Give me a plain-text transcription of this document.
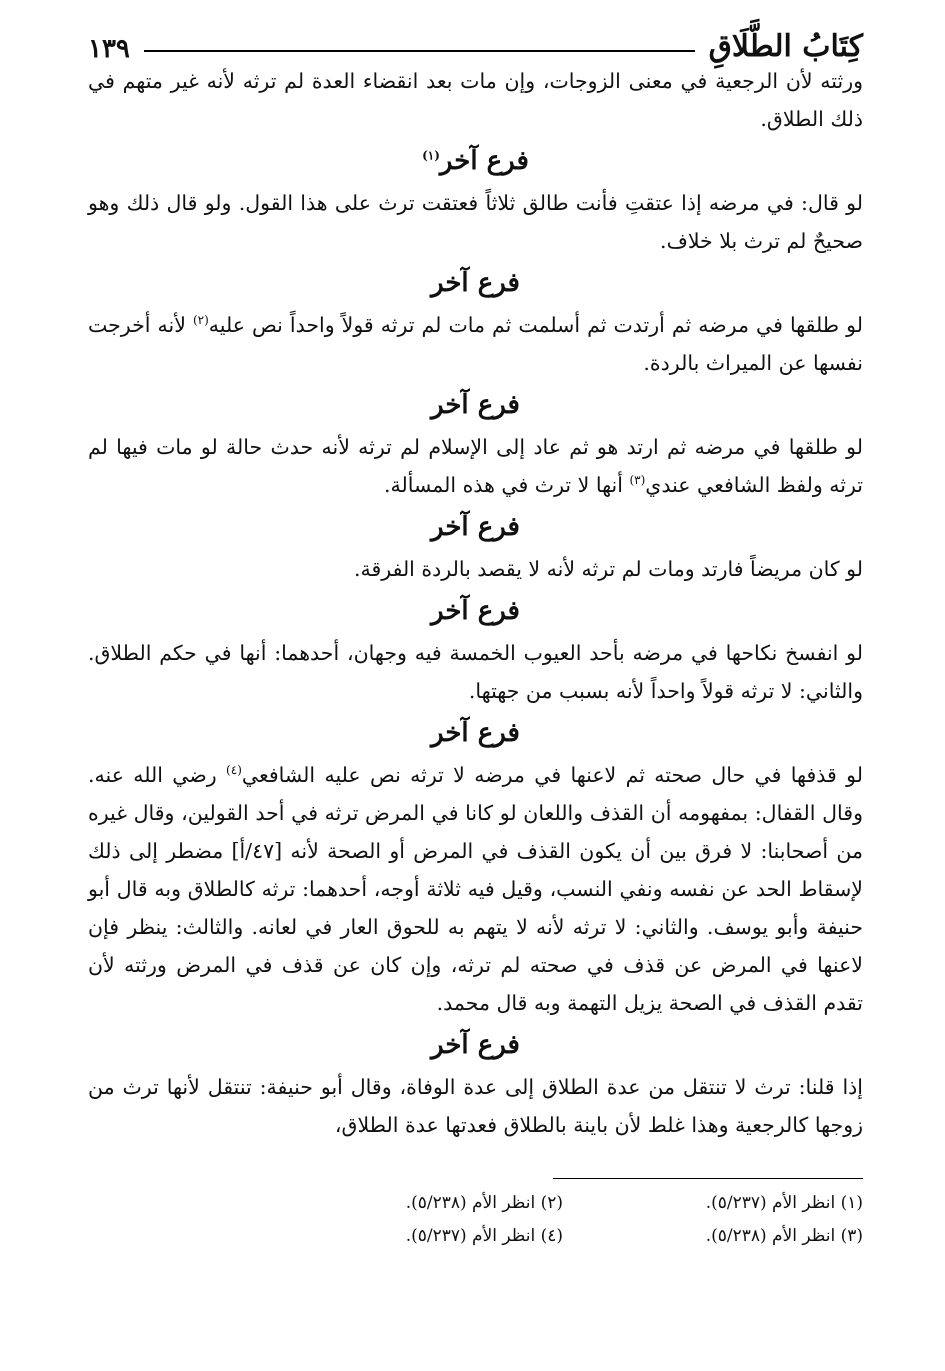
كِتَابُ الطَّلَاقِ
١٣٩

ورثته لأن الرجعية في معنى الزوجات، وإن مات بعد انقضاء العدة لم ترثه لأنه غير متهم في ذلك الطلاق.

فرع آخر$^{(١)}$

لو قال: في مرضه إذا عتقتِ فأنت طالق ثلاثاً فعتقت ترث على هذا القول. ولو قال ذلك وهو صحيحٌ لم ترث بلا خلاف.

فرع آخر

لو طلقها في مرضه ثم أرتدت ثم أسلمت ثم مات لم ترثه قولاً واحداً نص عليه$^{(٢)}$ لأنه أخرجت نفسها عن الميراث بالردة.

فرع آخر

لو طلقها في مرضه ثم ارتد هو ثم عاد إلى الإسلام لم ترثه لأنه حدث حالة لو مات فيها لم ترثه ولفظ الشافعي عندي$^{(٣)}$ أنها لا ترث في هذه المسألة.

فرع آخر

لو كان مريضاً فارتد ومات لم ترثه لأنه لا يقصد بالردة الفرقة.

فرع آخر

لو انفسخ نكاحها في مرضه بأحد العيوب الخمسة فيه وجهان، أحدهما: أنها في حكم الطلاق. والثاني: لا ترثه قولاً واحداً لأنه بسبب من جهتها.

فرع آخر

لو قذفها في حال صحته ثم لاعنها في مرضه لا ترثه نص عليه الشافعي$^{(٤)}$ رضي الله عنه. وقال القفال: بمفهومه أن القذف واللعان لو كانا في المرض ترثه في أحد القولين، وقال غيره من أصحابنا: لا فرق بين أن يكون القذف في المرض أو الصحة لأنه [٤٧/أ] مضطر إلى ذلك لإسقاط الحد عن نفسه ونفي النسب، وقيل فيه ثلاثة أوجه، أحدهما: ترثه كالطلاق وبه قال أبو حنيفة وأبو يوسف. والثاني: لا ترثه لأنه لا يتهم به للحوق العار في لعانه. والثالث: ينظر فإن لاعنها في المرض عن قذف في صحته لم ترثه، وإن كان عن قذف في المرض ورثته لأن تقدم القذف في الصحة يزيل التهمة وبه قال محمد.

فرع آخر

إذا قلنا: ترث لا تنتقل من عدة الطلاق إلى عدة الوفاة، وقال أبو حنيفة: تنتقل لأنها ترث من زوجها كالرجعية وهذا غلط لأن باينة بالطلاق فعدتها عدة الطلاق،

(١) انظر الأم (٥/٢٣٧).
(٢) انظر الأم (٥/٢٣٨).
(٣) انظر الأم (٥/٢٣٨).
(٤) انظر الأم (٥/٢٣٧).
